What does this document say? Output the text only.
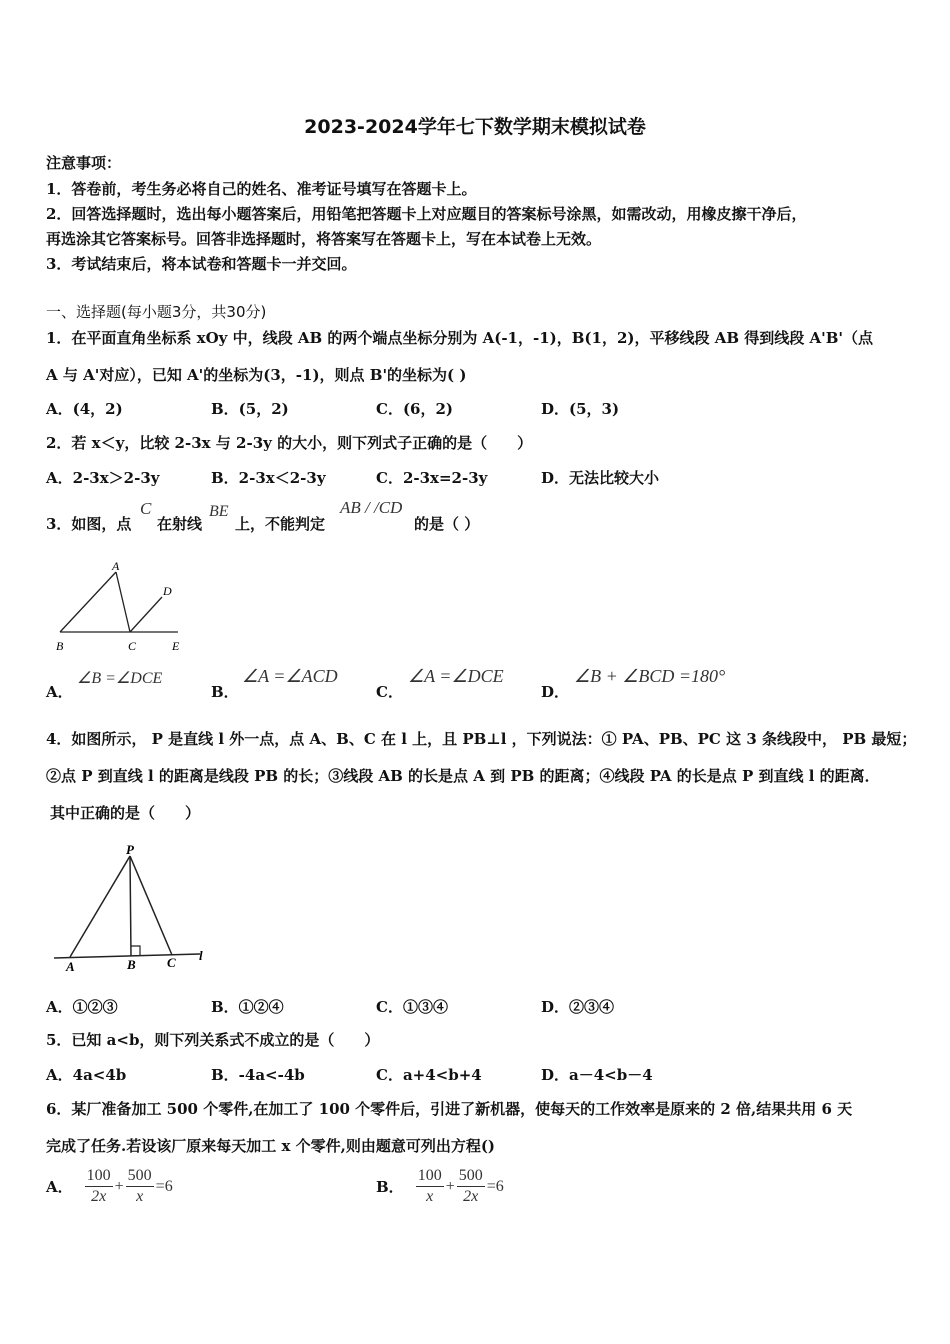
2023-2024学年七下数学期末模拟试卷
注意事项：
1．答卷前，考生务必将自己的姓名、准考证号填写在答题卡上。
2．回答选择题时，选出每小题答案后，用铅笔把答题卡上对应题目的答案标号涂黑，如需改动，用橡皮擦干净后，
再选涂其它答案标号。回答非选择题时，将答案写在答题卡上，写在本试卷上无效。
3．考试结束后，将本试卷和答题卡一并交回。
一、选择题(每小题3分，共30分)
1．在平面直角坐标系 xOy 中，线段 AB 的两个端点坐标分别为 A(-1，-1)，B(1，2)，平移线段 AB 得到线段 A'B'（点
A 与 A'对应），已知 A'的坐标为(3，-1)，则点 B'的坐标为( )
A．(4，2)	B．(5，2)	C．(6，2)	D．(5，3)
2．若 x＜y，比较 2-3x 与 2-3y 的大小，则下列式子正确的是（　　）
A．2-3x＞2-3y	B．2-3x＜2-3y	C．2-3x=2-3y	D．无法比较大小
3．如图，点
C
在射线
BE
上，不能判定
AB / /CD
的是（ ）
A
B	C
D
E
A．
∠B =∠DCE
B．
∠A =∠ACD
C．
∠A =∠DCE
D．
∠B + ∠BCD =180°
4．如图所示， P 是直线 l 外一点，点 A、B、C 在 l 上，且 PB⊥l ，下列说法：① PA、PB、PC 这 3 条线段中， PB 最短；
②点 P 到直线 l 的距离是线段 PB 的长；③线段 AB 的长是点 A 到 PB 的距离；④线段 PA 的长是点 P 到直线 l 的距离．
其中正确的是（　　）
P
A	B C l
A．①②③	B．①②④	C．①③④	D．②③④
5．已知 a<b，则下列关系式不成立的是（　　）
A．4a<4b	B．-4a<-4b	C．a+4<b+4	D．a－4<b－4
6．某厂准备加工 500 个零件,在加工了 100 个零件后，引进了新机器，使每天的工作效率是原来的 2 倍,结果共用 6 天
完成了任务.若设该厂原来每天加工 x 个零件,则由题意可列出方程()
A． $\frac{100}{2x} + \frac{500}{x} =6$	B． $\frac{100}{x} + \frac{500}{2x} =6$
